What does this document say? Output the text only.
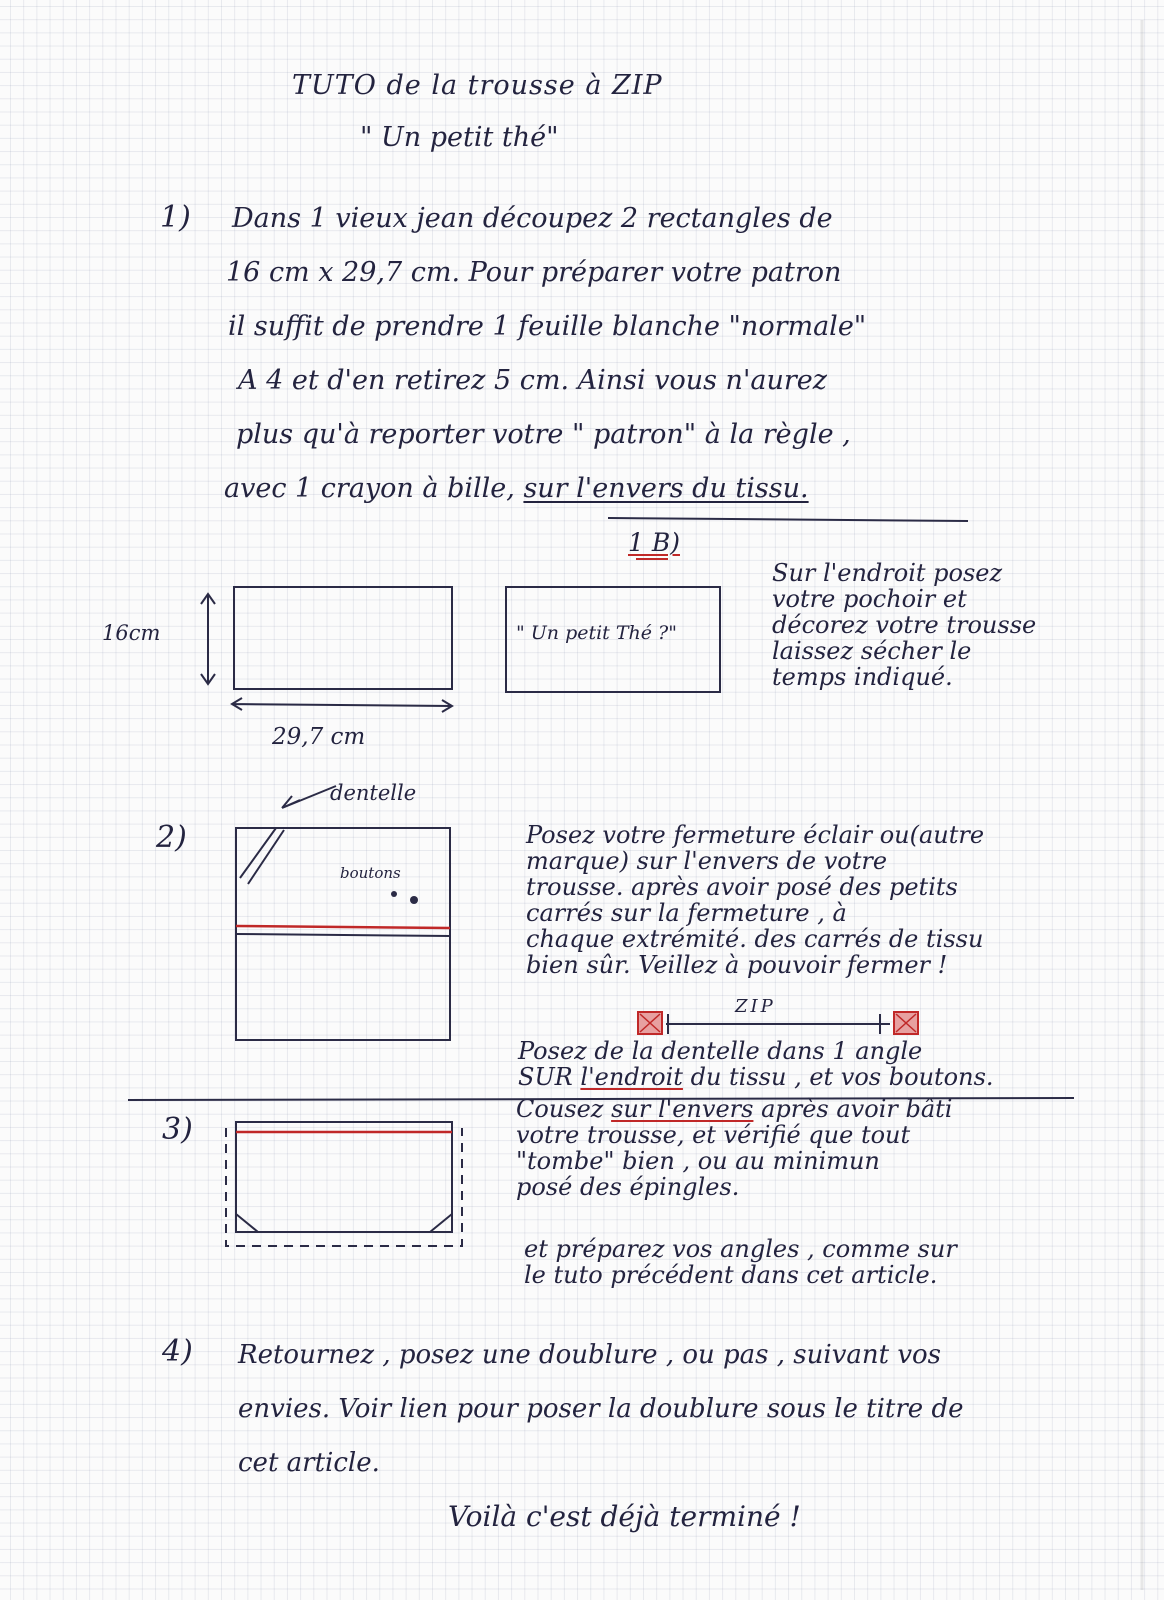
TUTO de la trousse à ZIP
" Un petit thé"
1) Dans 1 vieux jean découpez 2 rectangles de
16 cm x 29,7 cm. Pour préparer votre patron
il suffit de prendre 1 feuille blanche "normale"
A 4 et d'en retirez 5 cm. Ainsi vous n'aurez
plus qu'à reporter votre " patron" à la règle ,
avec 1 crayon à bille, sur l'envers du tissu.
1 B)
" Un petit Thé ?"
Sur l'endroit posez
votre pochoir et
décorez votre trousse
laissez sécher le
temps indiqué.
16cm
29,7 cm
dentelle
2)
boutons
Posez votre fermeture éclair ou(autre
marque) sur l'envers de votre
trousse. après avoir posé des petits
carrés sur la fermeture , à
chaque extrémité. des carrés de tissu
bien sûr. Veillez à pouvoir fermer !
ZIP
Posez de la dentelle dans 1 angle
SUR l'endroit du tissu , et vos boutons.
3)
Cousez sur l'envers après avoir bâti
votre trousse, et vérifié que tout
"tombe" bien , ou au minimun
posé des épingles.
et préparez vos angles , comme sur
le tuto précédent dans cet article.
4) Retournez , posez une doublure , ou pas , suivant vos
envies. Voir lien pour poser la doublure sous le titre de
cet article.
Voilà c'est déjà terminé !
